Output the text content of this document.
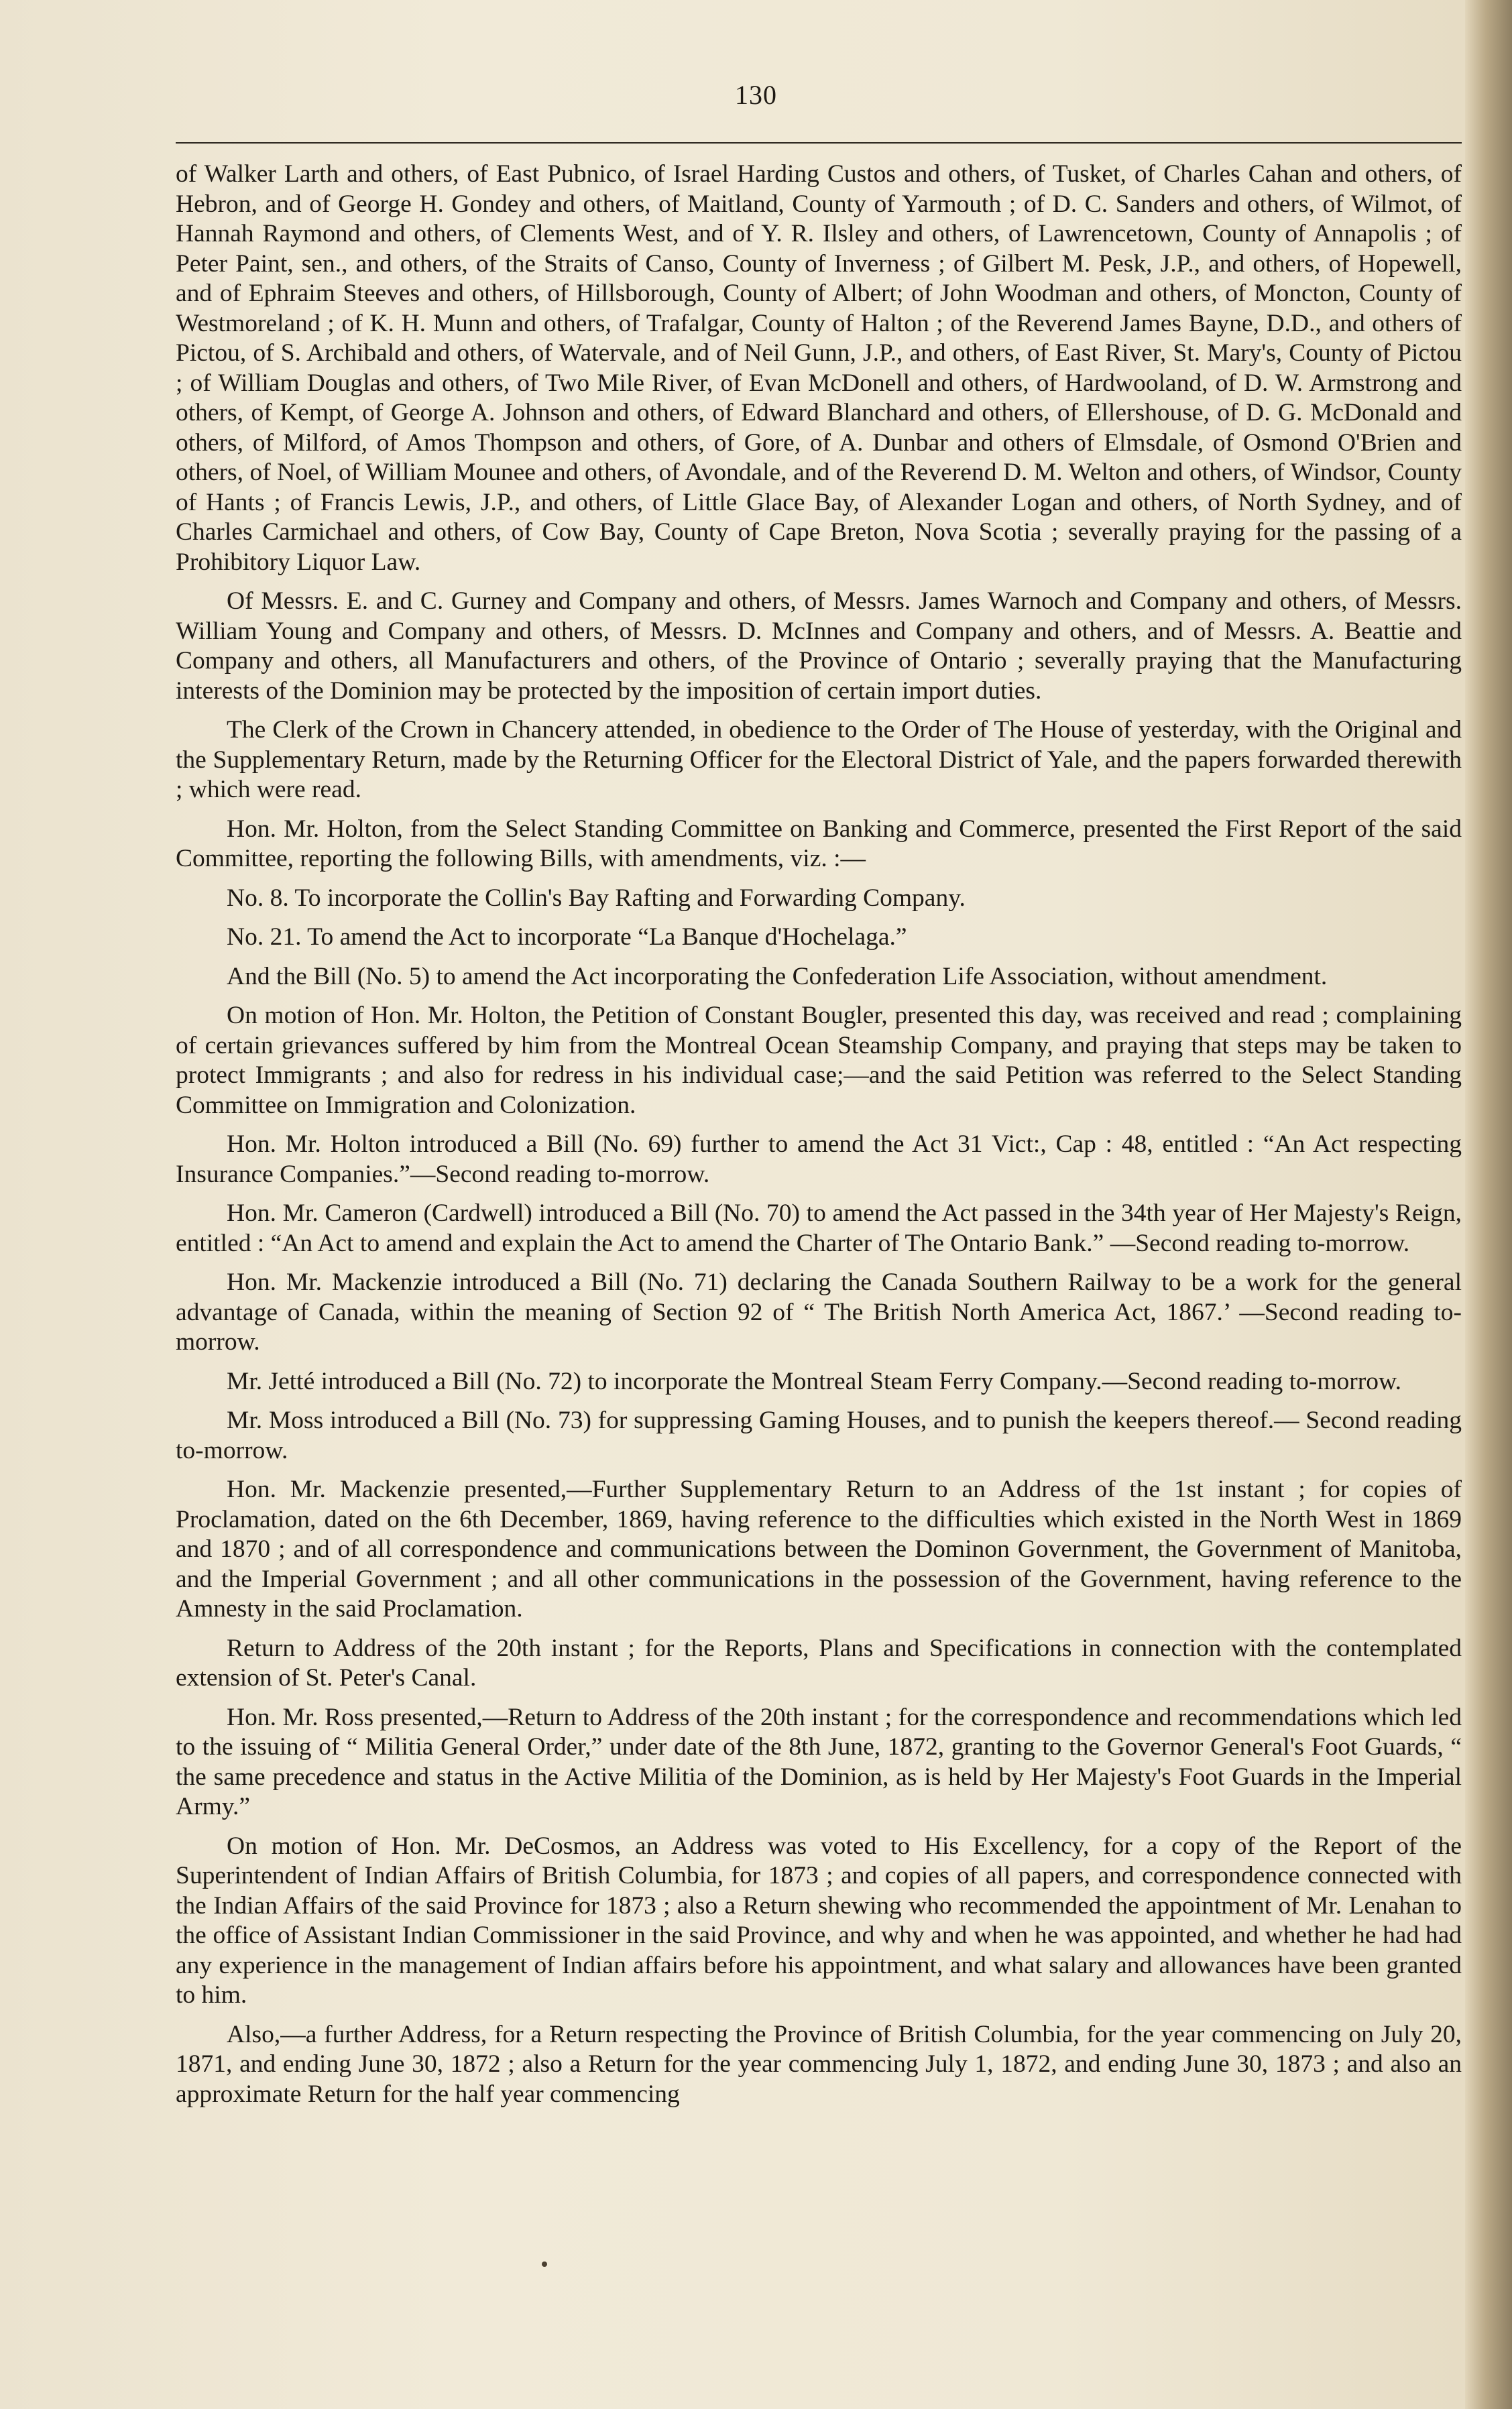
130

of Walker Larth and others, of East Pubnico, of Israel Harding Custos and others, of Tusket, of Charles Cahan and others, of Hebron, and of George H. Gondey and others, of Maitland, County of Yarmouth ; of D. C. Sanders and others, of Wilmot, of Hannah Raymond and others, of Clements West, and of Y. R. Ilsley and others, of Lawrencetown, County of Annapolis ; of Peter Paint, sen., and others, of the Straits of Canso, County of Inverness ; of Gilbert M. Pesk, J.P., and others, of Hopewell, and of Ephraim Steeves and others, of Hillsborough, County of Albert; of John Woodman and others, of Moncton, County of Westmoreland ; of K. H. Munn and others, of Trafalgar, County of Halton ; of the Reverend James Bayne, D.D., and others of Pictou, of S. Archibald and others, of Watervale, and of Neil Gunn, J.P., and others, of East River, St. Mary's, County of Pictou ; of William Douglas and others, of Two Mile River, of Evan McDonell and others, of Hardwooland, of D. W. Armstrong and others, of Kempt, of George A. Johnson and others, of Edward Blanchard and others, of Ellershouse, of D. G. McDonald and others, of Milford, of Amos Thompson and others, of Gore, of A. Dunbar and others of Elmsdale, of Osmond O'Brien and others, of Noel, of William Mounee and others, of Avondale, and of the Reverend D. M. Welton and others, of Windsor, County of Hants ; of Francis Lewis, J.P., and others, of Little Glace Bay, of Alexander Logan and others, of North Sydney, and of Charles Carmichael and others, of Cow Bay, County of Cape Breton, Nova Scotia ; severally praying for the passing of a Prohibitory Liquor Law.

Of Messrs. E. and C. Gurney and Company and others, of Messrs. James Warnoch and Company and others, of Messrs. William Young and Company and others, of Messrs. D. McInnes and Company and others, and of Messrs. A. Beattie and Company and others, all Manufacturers and others, of the Province of Ontario ; severally praying that the Manufacturing interests of the Dominion may be protected by the imposition of certain import duties.

The Clerk of the Crown in Chancery attended, in obedience to the Order of The House of yesterday, with the Original and the Supplementary Return, made by the Returning Officer for the Electoral District of Yale, and the papers forwarded therewith ; which were read.

Hon. Mr. Holton, from the Select Standing Committee on Banking and Commerce, presented the First Report of the said Committee, reporting the following Bills, with amendments, viz. :—

No. 8. To incorporate the Collin's Bay Rafting and Forwarding Company.

No. 21. To amend the Act to incorporate “La Banque d'Hochelaga.”

And the Bill (No. 5) to amend the Act incorporating the Confederation Life Association, without amendment.

On motion of Hon. Mr. Holton, the Petition of Constant Bougler, presented this day, was received and read ; complaining of certain grievances suffered by him from the Montreal Ocean Steamship Company, and praying that steps may be taken to protect Immigrants ; and also for redress in his individual case;—and the said Petition was referred to the Select Standing Committee on Immigration and Colonization.

Hon. Mr. Holton introduced a Bill (No. 69) further to amend the Act 31 Vict:, Cap : 48, entitled : “An Act respecting Insurance Companies.”—Second reading to-morrow.

Hon. Mr. Cameron (Cardwell) introduced a Bill (No. 70) to amend the Act passed in the 34th year of Her Majesty's Reign, entitled : “An Act to amend and explain the Act to amend the Charter of The Ontario Bank.” —Second reading to-morrow.

Hon. Mr. Mackenzie introduced a Bill (No. 71) declaring the Canada Southern Railway to be a work for the general advantage of Canada, within the meaning of Section 92 of “ The British North America Act, 1867.’ —Second reading to-morrow.

Mr. Jetté introduced a Bill (No. 72) to incorporate the Montreal Steam Ferry Company.—Second reading to-morrow.

Mr. Moss introduced a Bill (No. 73) for suppressing Gaming Houses, and to punish the keepers thereof.— Second reading to-morrow.

Hon. Mr. Mackenzie presented,—Further Supplementary Return to an Address of the 1st instant ; for copies of Proclamation, dated on the 6th December, 1869, having reference to the difficulties which existed in the North West in 1869 and 1870 ; and of all correspondence and communications between the Dominon Government, the Government of Manitoba, and the Imperial Government ; and all other communications in the possession of the Government, having reference to the Amnesty in the said Proclamation.

Return to Address of the 20th instant ; for the Reports, Plans and Specifications in connection with the contemplated extension of St. Peter's Canal.

Hon. Mr. Ross presented,—Return to Address of the 20th instant ; for the correspondence and recommendations which led to the issuing of “ Militia General Order,” under date of the 8th June, 1872, granting to the Governor General's Foot Guards, “ the same precedence and status in the Active Militia of the Dominion, as is held by Her Majesty's Foot Guards in the Imperial Army.”

On motion of Hon. Mr. DeCosmos, an Address was voted to His Excellency, for a copy of the Report of the Superintendent of Indian Affairs of British Columbia, for 1873 ; and copies of all papers, and correspondence connected with the Indian Affairs of the said Province for 1873 ; also a Return shewing who recommended the appointment of Mr. Lenahan to the office of Assistant Indian Commissioner in the said Province, and why and when he was appointed, and whether he had had any experience in the management of Indian affairs before his appointment, and what salary and allowances have been granted to him.

Also,—a further Address, for a Return respecting the Province of British Columbia, for the year commencing on July 20, 1871, and ending June 30, 1872 ; also a Return for the year commencing July 1, 1872, and ending June 30, 1873 ; and also an approximate Return for the half year commencing
